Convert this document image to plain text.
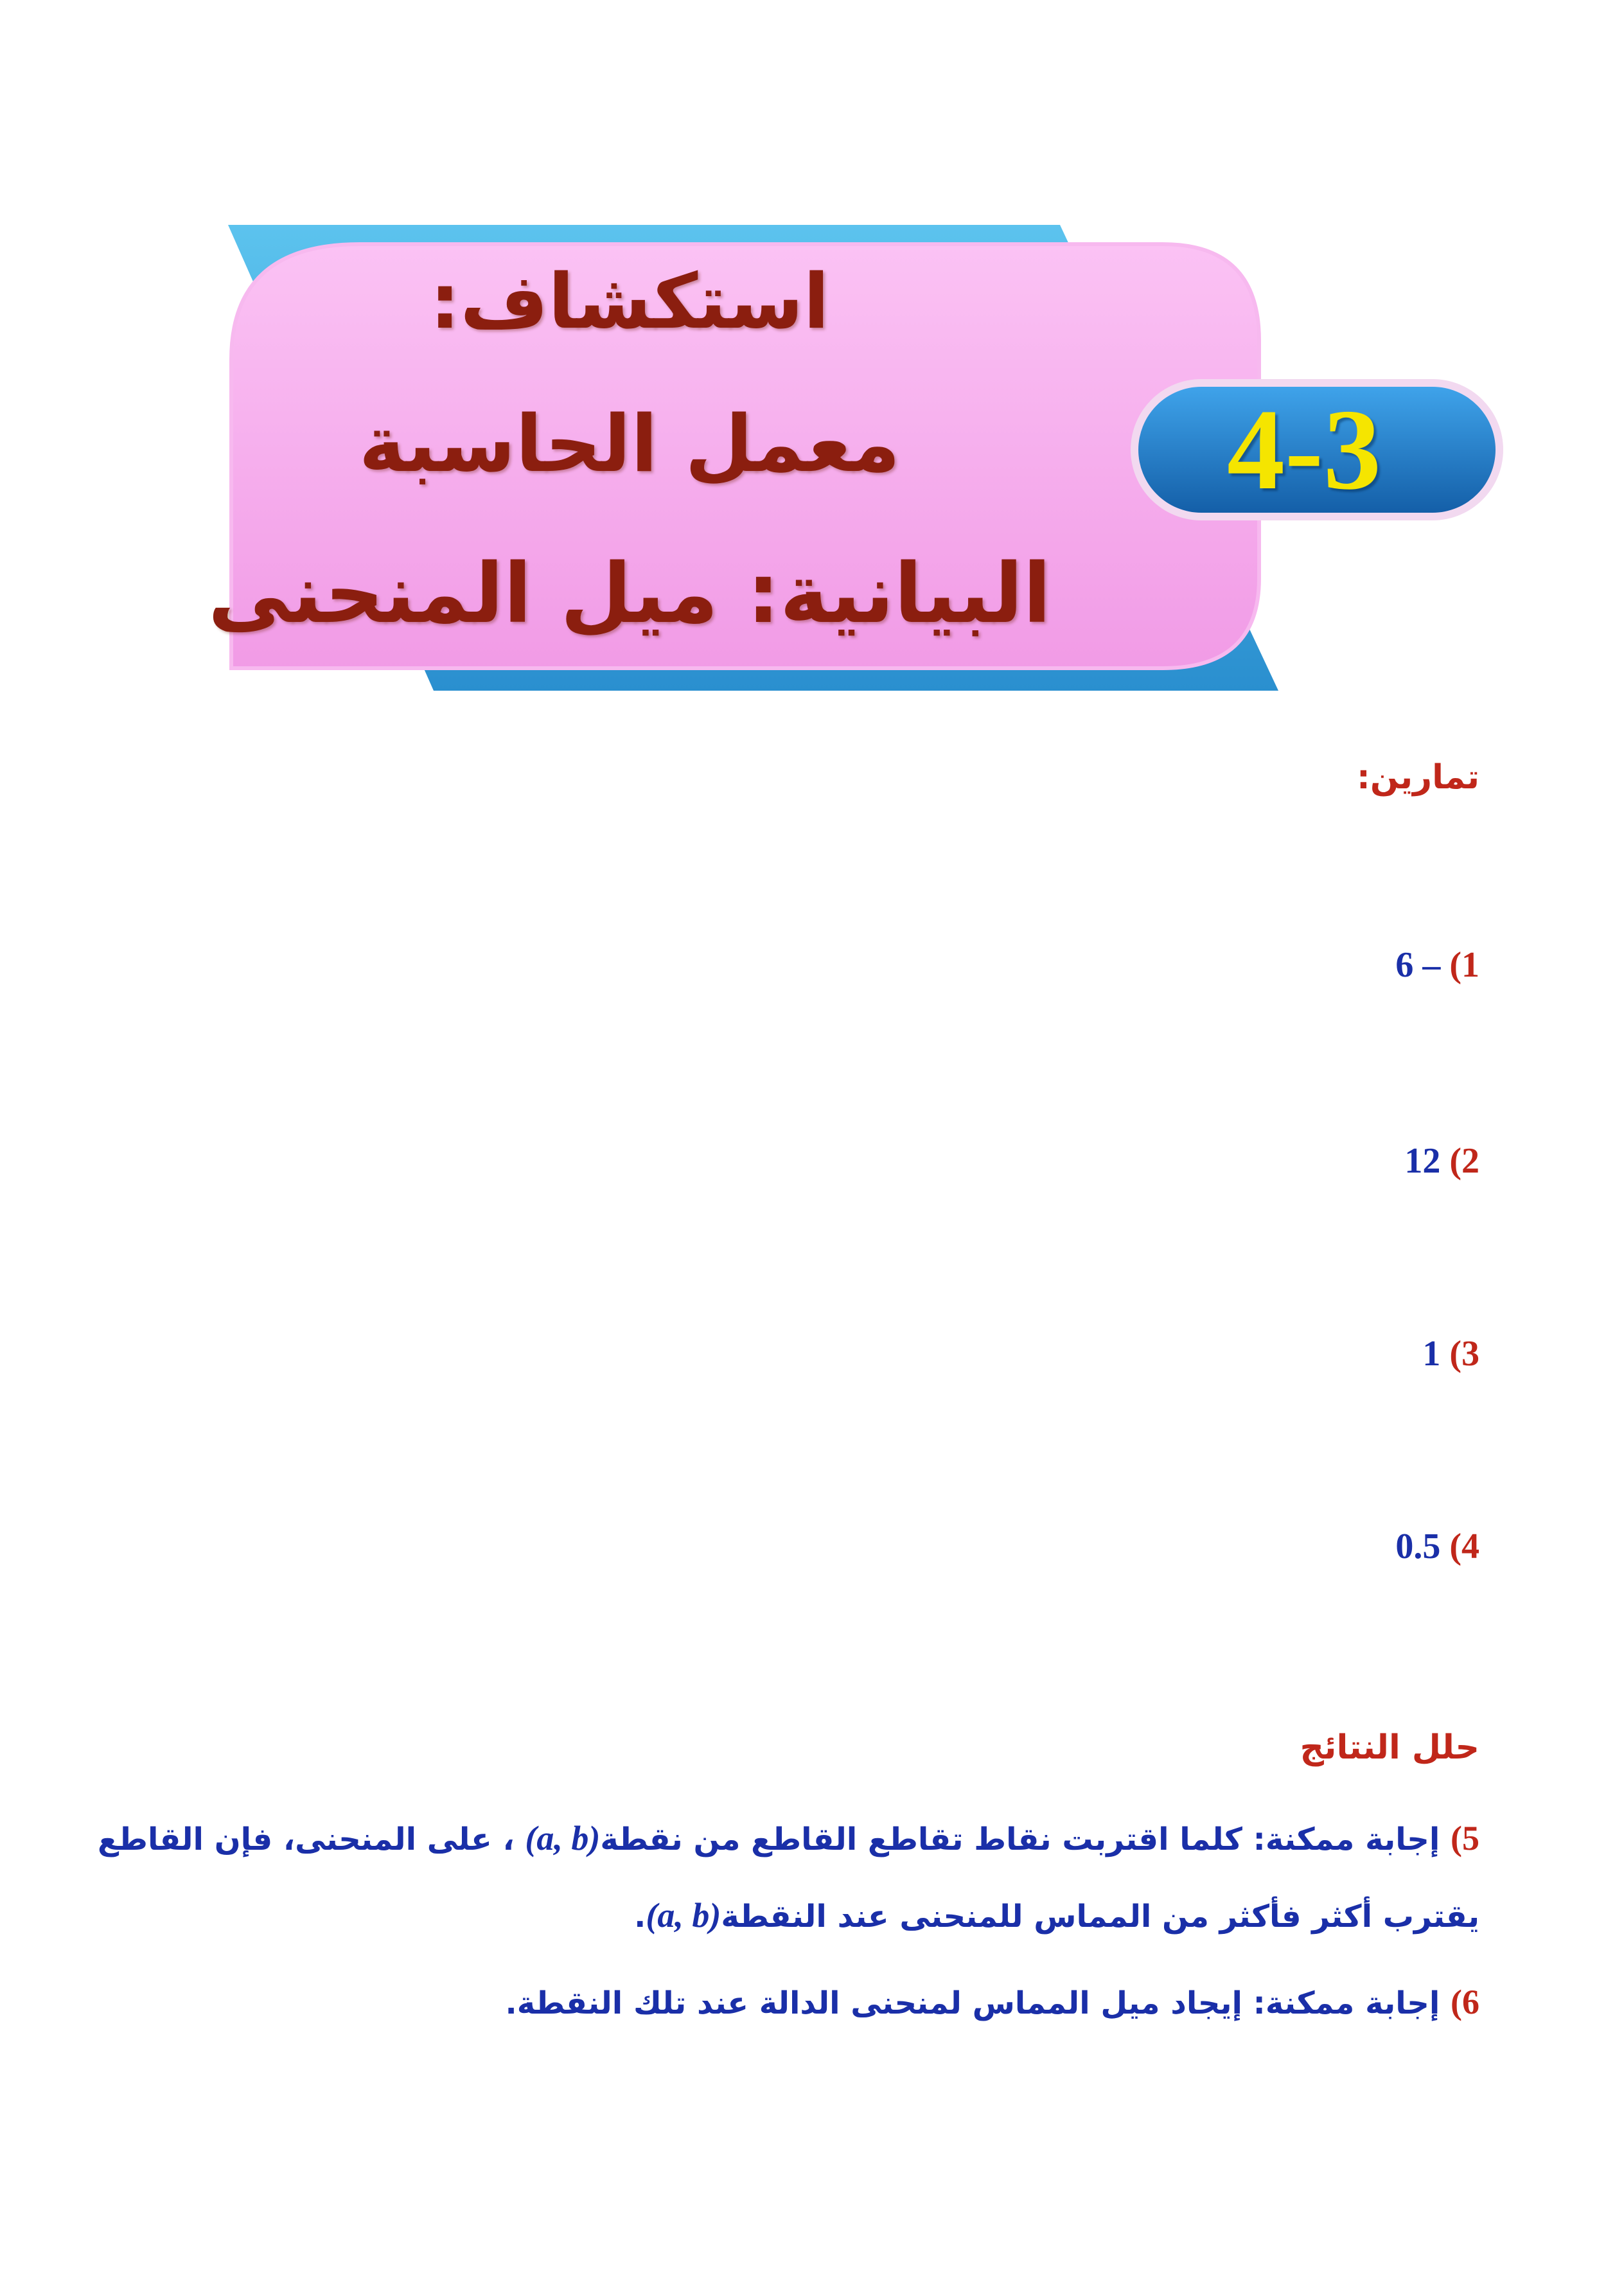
استكشاف:
معمل الحاسبة
البيانية: ميل المنحنى
4-3
تمارين:
1) – 6
2) 12
3) 1
4) 0.5
حلل النتائج
5) إجابة ممكنة: كلما اقتربت نقاط تقاطع القاطع من نقطة(a, b) ، على المنحنى، فإن القاطع
يقترب أكثر فأكثر من المماس للمنحنى عند النقطة(a, b).
6) إجابة ممكنة: إيجاد ميل المماس لمنحنى الدالة عند تلك النقطة.
